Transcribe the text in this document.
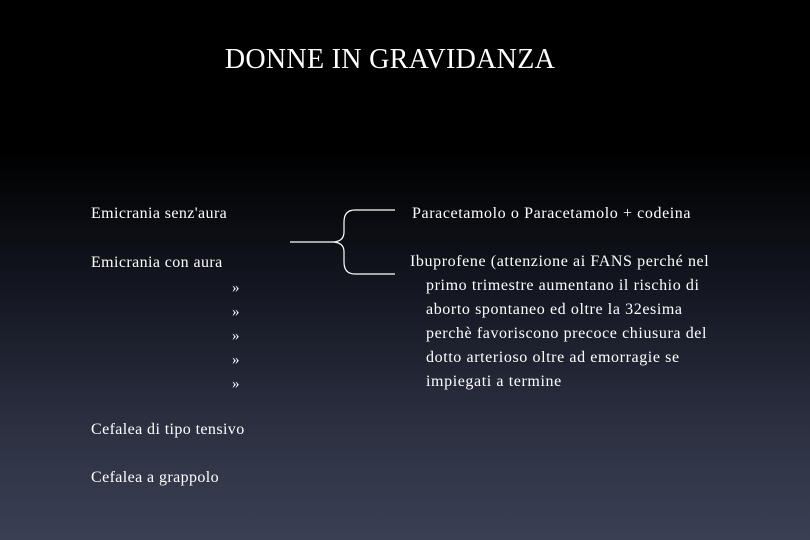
DONNE IN GRAVIDANZA
Emicrania senz'aura
Emicrania con aura
»
»
»
»
»
Cefalea di tipo tensivo
Cefalea a grappolo
Paracetamolo o Paracetamolo + codeina
Ibuprofene (attenzione ai FANS perché nel
primo trimestre aumentano il rischio di
aborto spontaneo ed oltre la 32esima
perchè favoriscono precoce chiusura del
dotto arterioso oltre ad emorragie se
impiegati a termine
